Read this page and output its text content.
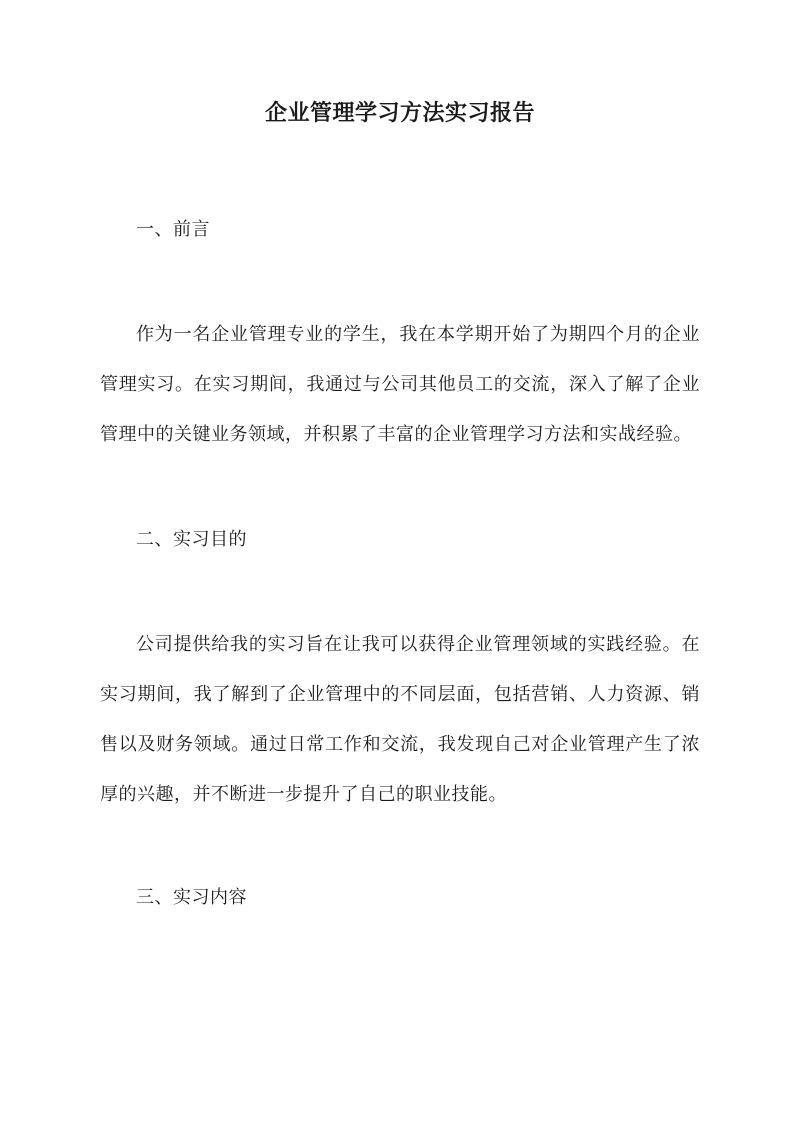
企业管理学习方法实习报告
一、前言

作为一名企业管理专业的学生，我在本学期开始了为期四个月的企业管理实习。在实习期间，我通过与公司其他员工的交流，深入了解了企业管理中的关键业务领域，并积累了丰富的企业管理学习方法和实战经验。

二、实习目的

公司提供给我的实习旨在让我可以获得企业管理领域的实践经验。在实习期间，我了解到了企业管理中的不同层面，包括营销、人力资源、销售以及财务领域。通过日常工作和交流，我发现自己对企业管理产生了浓厚的兴趣，并不断进一步提升了自己的职业技能。

三、实习内容
